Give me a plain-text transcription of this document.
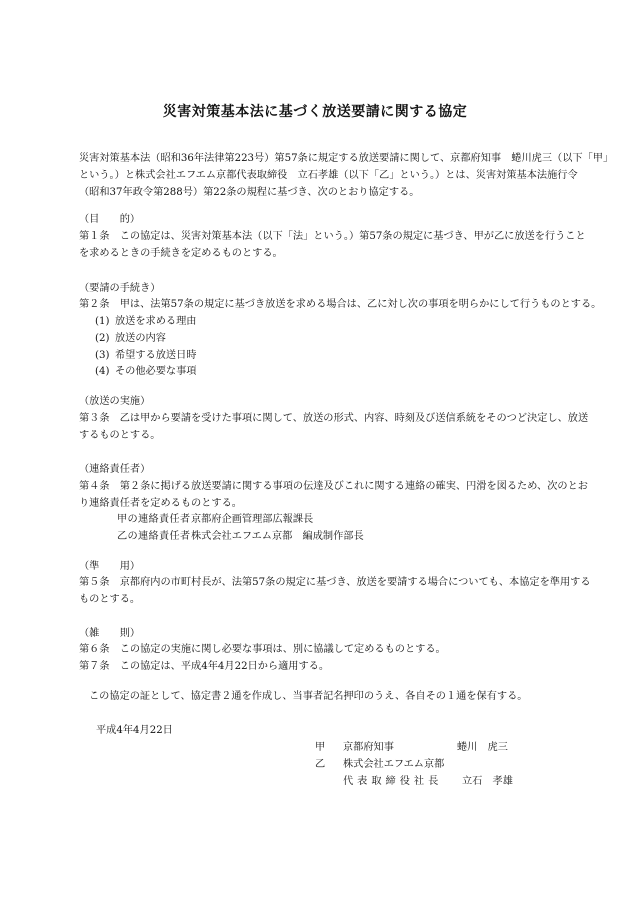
災害対策基本法に基づく放送要請に関する協定
災害対策基本法（昭和36年法律第223号）第57条に規定する放送要請に関して、京都府知事　蜷川虎三（以下「甲」
という。）と株式会社エフエム京都代表取締役　立石孝雄（以下「乙」という。）とは、災害対策基本法施行令
（昭和37年政令第288号）第22条の規程に基づき、次のとおり協定する。
（目　　的）
第１条　この協定は、災害対策基本法（以下「法」という。）第57条の規定に基づき、甲が乙に放送を行うこと
を求めるときの手続きを定めるものとする。
（要請の手続き）
第２条　甲は、法第57条の規定に基づき放送を求める場合は、乙に対し次の事項を明らかにして行うものとする。
(1) 放送を求める理由
(2) 放送の内容
(3) 希望する放送日時
(4) その他必要な事項
（放送の実施）
第３条　乙は甲から要請を受けた事項に関して、放送の形式、内容、時刻及び送信系統をそのつど決定し、放送
するものとする。
（連絡責任者）
第４条　第２条に掲げる放送要請に関する事項の伝達及びこれに関する連絡の確実、円滑を図るため、次のとお
り連絡責任者を定めるものとする。
甲の連絡責任者京都府企画管理部広報課長
乙の連絡責任者株式会社エフエム京都　編成制作部長
（準　　用）
第５条　京都府内の市町村長が、法第57条の規定に基づき、放送を要請する場合についても、本協定を準用する
ものとする。
（雑　　則）
第６条　この協定の実施に関し必要な事項は、別に協議して定めるものとする。
第７条　この協定は、平成4年4月22日から適用する。
この協定の証として、協定書２通を作成し、当事者記名押印のうえ、各自その１通を保有する。
平成4年4月22日
甲 京都府知事	蜷川　虎三
乙 株式会社エフエム京都
代表取締役社長 立石　孝雄
